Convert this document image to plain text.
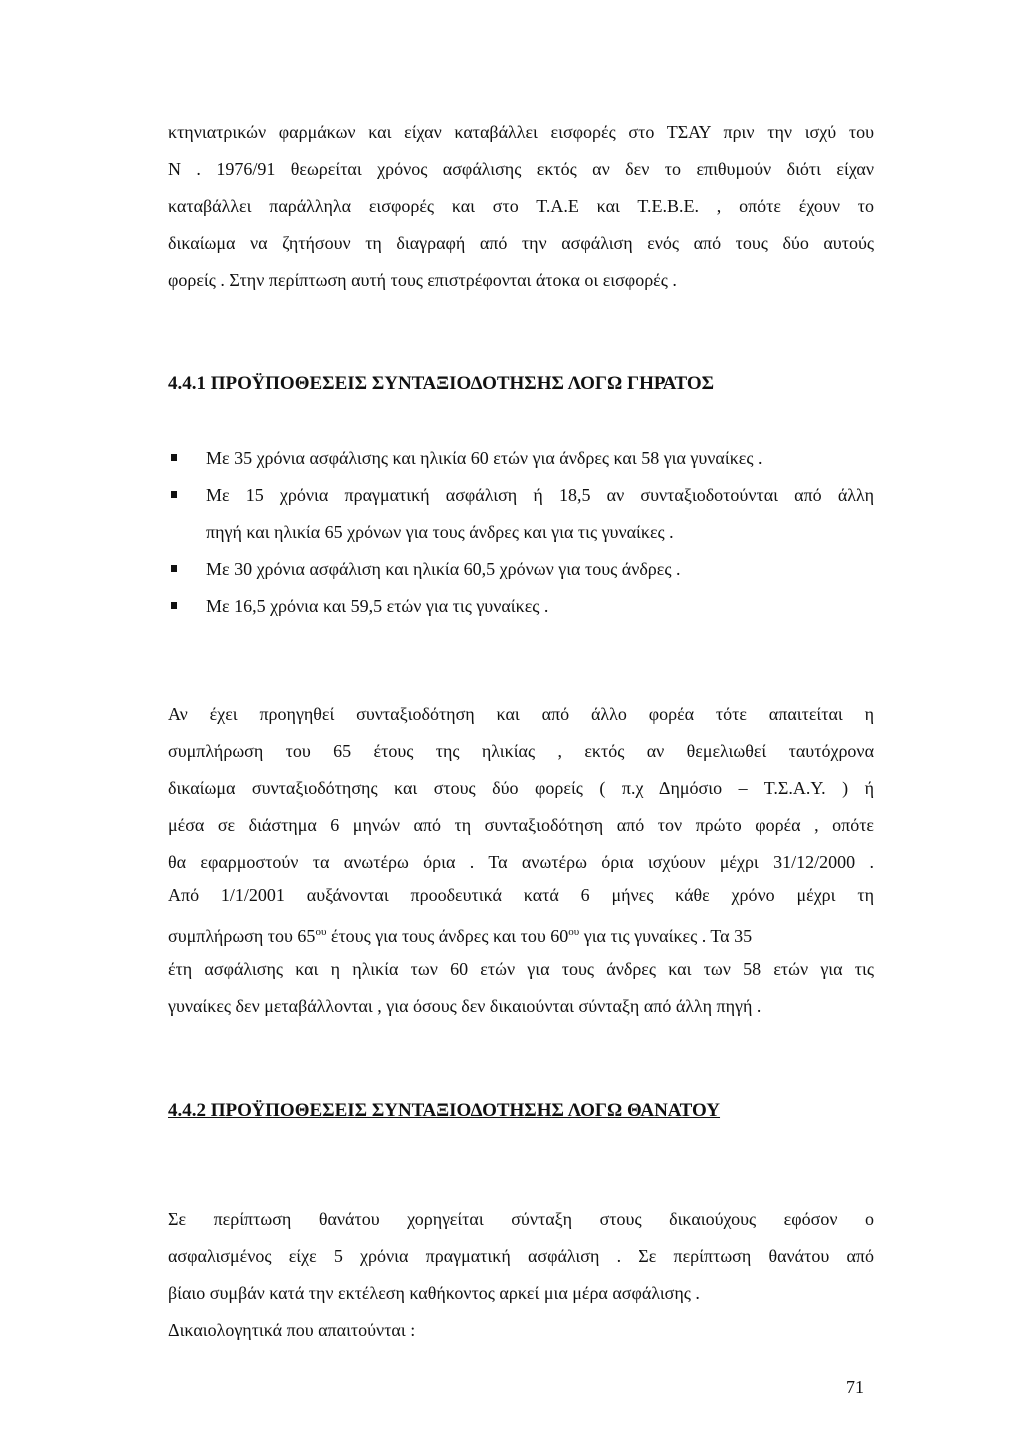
κτηνιατρικών φαρμάκων και είχαν καταβάλλει εισφορές στο ΤΣΑΥ πριν την ισχύ του

Ν . 1976/91 θεωρείται χρόνος ασφάλισης εκτός αν δεν το επιθυμούν διότι είχαν

καταβάλλει παράλληλα εισφορές και στο Τ.Α.Ε και Τ.Ε.Β.Ε. , οπότε έχουν το

δικαίωμα να ζητήσουν τη διαγραφή από την ασφάλιση ενός από τους δύο αυτούς

φορείς . Στην περίπτωση αυτή τους επιστρέφονται άτοκα οι εισφορές .

4.4.1 ΠΡΟΫΠΟΘΕΣΕΙΣ ΣΥΝΤΑΞΙΟΔΟΤΗΣΗΣ ΛΟΓΩ ΓΗΡΑΤΟΣ

Με 35 χρόνια ασφάλισης και ηλικία 60 ετών για άνδρες και 58 για γυναίκες .
Με 15 χρόνια πραγματική ασφάλιση ή 18,5 αν συνταξιοδοτούνται από άλλη

πηγή και ηλικία 65 χρόνων για τους άνδρες και για τις γυναίκες .

Με 30 χρόνια ασφάλιση και ηλικία 60,5 χρόνων για τους άνδρες .
Με 16,5 χρόνια και 59,5 ετών για τις γυναίκες .

Αν έχει προηγηθεί συνταξιοδότηση και από άλλο φορέα τότε απαιτείται η

συμπλήρωση του 65 έτους της ηλικίας , εκτός αν θεμελιωθεί ταυτόχρονα

δικαίωμα συνταξιοδότησης και στους δύο φορείς ( π.χ Δημόσιο – Τ.Σ.Α.Υ. ) ή

μέσα σε διάστημα 6 μηνών από τη συνταξιοδότηση από τον πρώτο φορέα , οπότε

θα εφαρμοστούν τα ανωτέρω όρια . Τα ανωτέρω όρια ισχύουν μέχρι 31/12/2000 .

Από 1/1/2001 αυξάνονται προοδευτικά κατά 6 μήνες κάθε χρόνο μέχρι τη

συμπλήρωση του $65^{o\upsilon}$ έτους για τους άνδρες και του $60^{o\upsilon}$ για τις γυναίκες . Τα 35

έτη ασφάλισης και η ηλικία των 60 ετών για τους άνδρες και των 58 ετών για τις

γυναίκες δεν μεταβάλλονται , για όσους δεν δικαιούνται σύνταξη από άλλη πηγή .

4.4.2 ΠΡΟΫΠΟΘΕΣΕΙΣ ΣΥΝΤΑΞΙΟΔΟΤΗΣΗΣ ΛΟΓΩ ΘΑΝΑΤΟΥ

Σε περίπτωση θανάτου χορηγείται σύνταξη στους δικαιούχους εφόσον ο

ασφαλισμένος είχε 5 χρόνια πραγματική ασφάλιση . Σε περίπτωση θανάτου από

βίαιο συμβάν κατά την εκτέλεση καθήκοντος αρκεί μια μέρα ασφάλισης .

Δικαιολογητικά που απαιτούνται :

71
